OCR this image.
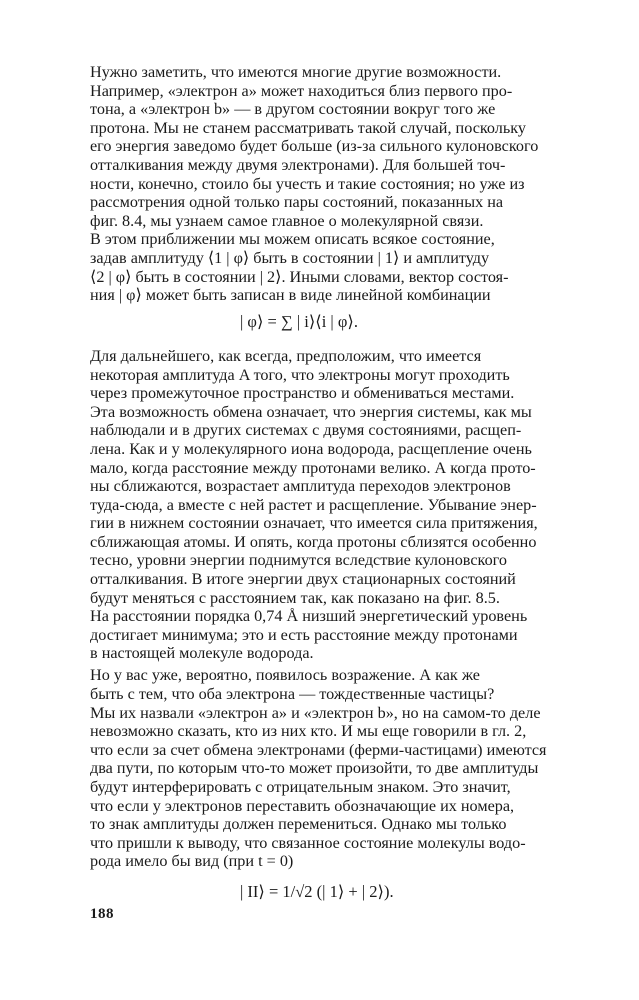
Нужно заметить, что имеются многие другие возможности.
Например, «электрон a» может находиться близ первого про-
тона, а «электрон b» — в другом состоянии вокруг того же
протона. Мы не станем рассматривать такой случай, поскольку
его энергия заведомо будет больше (из-за сильного кулоновского
отталкивания между двумя электронами). Для большей точ-
ности, конечно, стоило бы учесть и такие состояния; но уже из
рассмотрения одной только пары состояний, показанных на
фиг. 8.4, мы узнаем самое главное о молекулярной связи.
В этом приближении мы можем описать всякое состояние,
задав амплитуду ⟨1 | φ⟩ быть в состоянии | 1⟩ и амплитуду
⟨2 | φ⟩ быть в состоянии | 2⟩. Иными словами, вектор состоя-
ния | φ⟩ может быть записан в виде линейной комбинации
| φ⟩ = ∑ | i⟩⟨i | φ⟩.
Для дальнейшего, как всегда, предположим, что имеется
некоторая амплитуда A того, что электроны могут проходить
через промежуточное пространство и обмениваться местами.
Эта возможность обмена означает, что энергия системы, как мы
наблюдали и в других системах с двумя состояниями, расщеп-
лена. Как и у молекулярного иона водорода, расщепление очень
мало, когда расстояние между протонами велико. А когда прото-
ны сближаются, возрастает амплитуда переходов электронов
туда-сюда, а вместе с ней растет и расщепление. Убывание энер-
гии в нижнем состоянии означает, что имеется сила притяжения,
сближающая атомы. И опять, когда протоны сблизятся особенно
тесно, уровни энергии поднимутся вследствие кулоновского
отталкивания. В итоге энергии двух стационарных состояний
будут меняться с расстоянием так, как показано на фиг. 8.5.
На расстоянии порядка 0,74 Å низший энергетический уровень
достигает минимума; это и есть расстояние между протонами
в настоящей молекуле водорода.
Но у вас уже, вероятно, появилось возражение. А как же
быть с тем, что оба электрона — тождественные частицы?
Мы их назвали «электрон a» и «электрон b», но на самом-то деле
невозможно сказать, кто из них кто. И мы еще говорили в гл. 2,
что если за счет обмена электронами (ферми-частицами) имеются
два пути, по которым что-то может произойти, то две амплитуды
будут интерферировать с отрицательным знаком. Это значит,
что если у электронов переставить обозначающие их номера,
то знак амплитуды должен перемениться. Однако мы только
что пришли к выводу, что связанное состояние молекулы водо-
рода имело бы вид (при t = 0)
| II⟩ = 1/√2 (| 1⟩ + | 2⟩).
188
